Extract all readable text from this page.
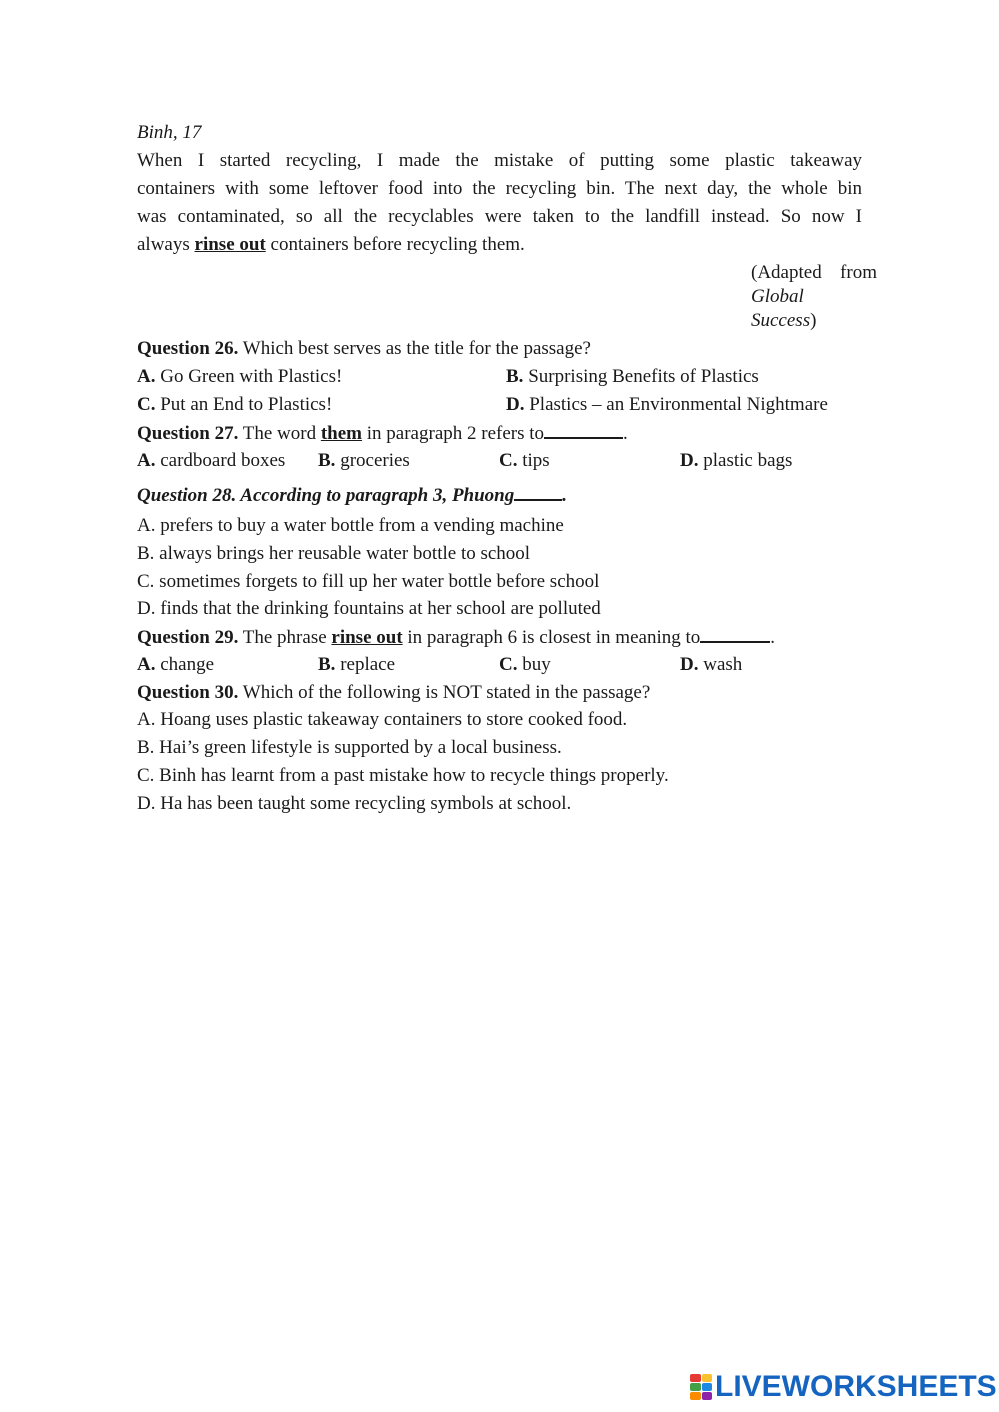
Binh, 17
When I started recycling, I made the mistake of putting some plastic takeaway
containers with some leftover food into the recycling bin. The next day, the whole bin
was contaminated, so all the recyclables were taken to the landfill instead. So now I
always rinse out containers before recycling them.
(Adapted from
Global
Success)
Question 26. Which best serves as the title for the passage?
A. Go Green with Plastics!	B. Surprising Benefits of Plastics
C. Put an End to Plastics!	D. Plastics – an Environmental Nightmare
Question 27. The word them in paragraph 2 refers to	.
A. cardboard boxes B. groceries	C. tips	D. plastic bags
Question 28. According to paragraph 3, Phuong	.
A. prefers to buy a water bottle from a vending machine
B. always brings her reusable water bottle to school
C. sometimes forgets to fill up her water bottle before school
D. finds that the drinking fountains at her school are polluted
Question 29. The phrase rinse out in paragraph 6 is closest in meaning to	.
A. change	B. replace	C. buy	D. wash
Question 30. Which of the following is NOT stated in the passage?
A. Hoang uses plastic takeaway containers to store cooked food.
B. Hai’s green lifestyle is supported by a local business.
C. Binh has learnt from a past mistake how to recycle things properly.
D. Ha has been taught some recycling symbols at school.
LIVEWORKSHEETS
